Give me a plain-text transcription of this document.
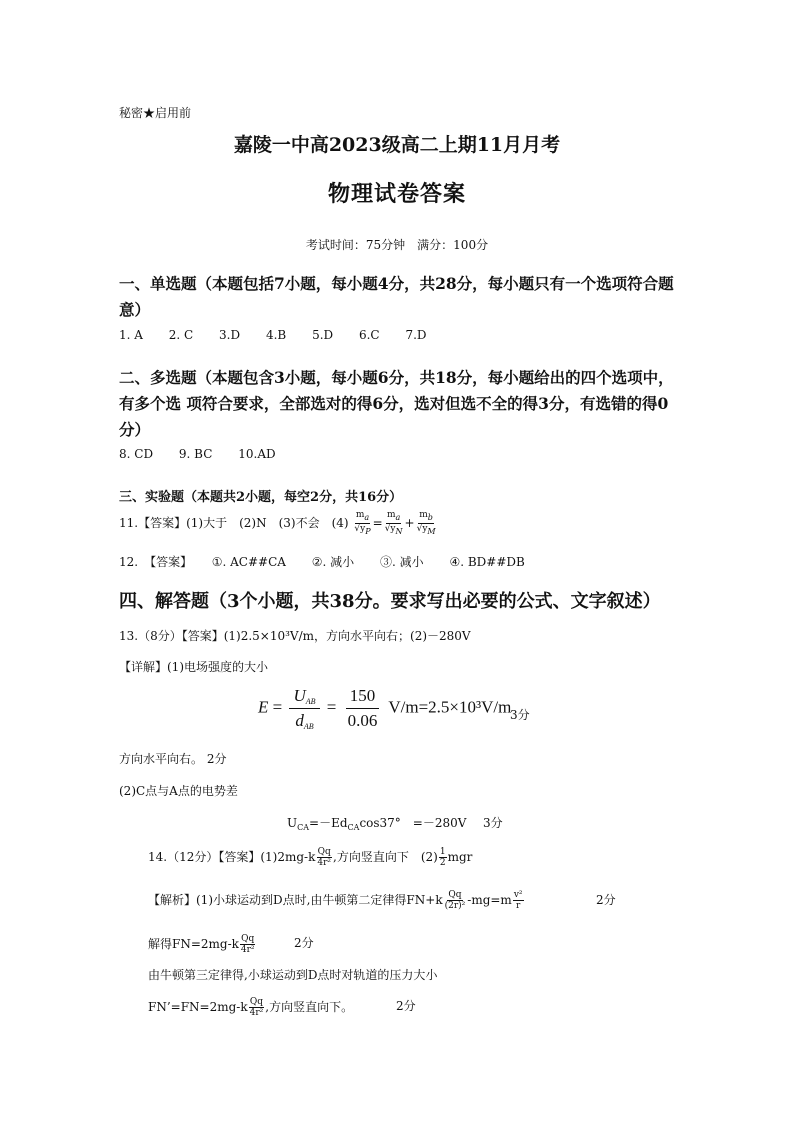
秘密★启用前
嘉陵一中高2023级高二上期11月月考
物理试卷答案
考试时间：75分钟　满分：100分
一、单选题（本题包括7小题，每小题4分，共28分，每小题只有一个选项符合题
意）
1. A 2. C 3.D 4.B 5.D 6.C 7.D
二、多选题（本题包含3小题，每小题6分，共18分，每小题给出的四个选项中，
有多个选 项符合要求，全部选对的得6分，选对但选不全的得3分，有选错的得0
分）
8. CD 9. BC 10.AD
三、实验题（本题共2小题，每空2分，共16分）
11.【答案】(1)大于　(2)N　(3)不会　$(4) \frac{m_a}{√y_P} = \frac{m_a}{√y_N} + \frac{m_b}{√y_M}$
12.　【答案】 ①. AC##CA ②. 减小 ③. 减小 ④. BD##DB
四、解答题（3个小题，共38分。要求写出必要的公式、文字叙述）
13.（8分）【答案】(1)2.5×10³V/m，方向水平向右；(2)－280V
【详解】(1)电场强度的大小
E =
$U_{AB}$
$d_{AB}$
= $\frac{150}{0.06} V/m=2.5\times 10^3V/m$
3分
方向水平向右。 2分
(2)C点与A点的电势差
$U_{CA}=-Ed_{CA}\cos 37^\circ$　=－280V 3分
14.（12分）【答案】$(1)2mg-k \frac{Qq}{\text{4r²}}$ ,方向竖直向下　$(2) \frac{1}{2}$ mgr
【解析】(1)小球运动到D点时,由牛顿第二定律得$FN+k \frac{Qq}{\text{(2r)²}} -mg=m \frac{\text{v²}}{r}$	2分
解得$FN=2mg-k \frac{Qq}{\text{4r²}}$	2分
由牛顿第三定律得,小球运动到D点时对轨道的压力大小
FN’=FN=2mg-k $\frac{Qq}{\text{4r²}}$ ,方向竖直向下。	2分
